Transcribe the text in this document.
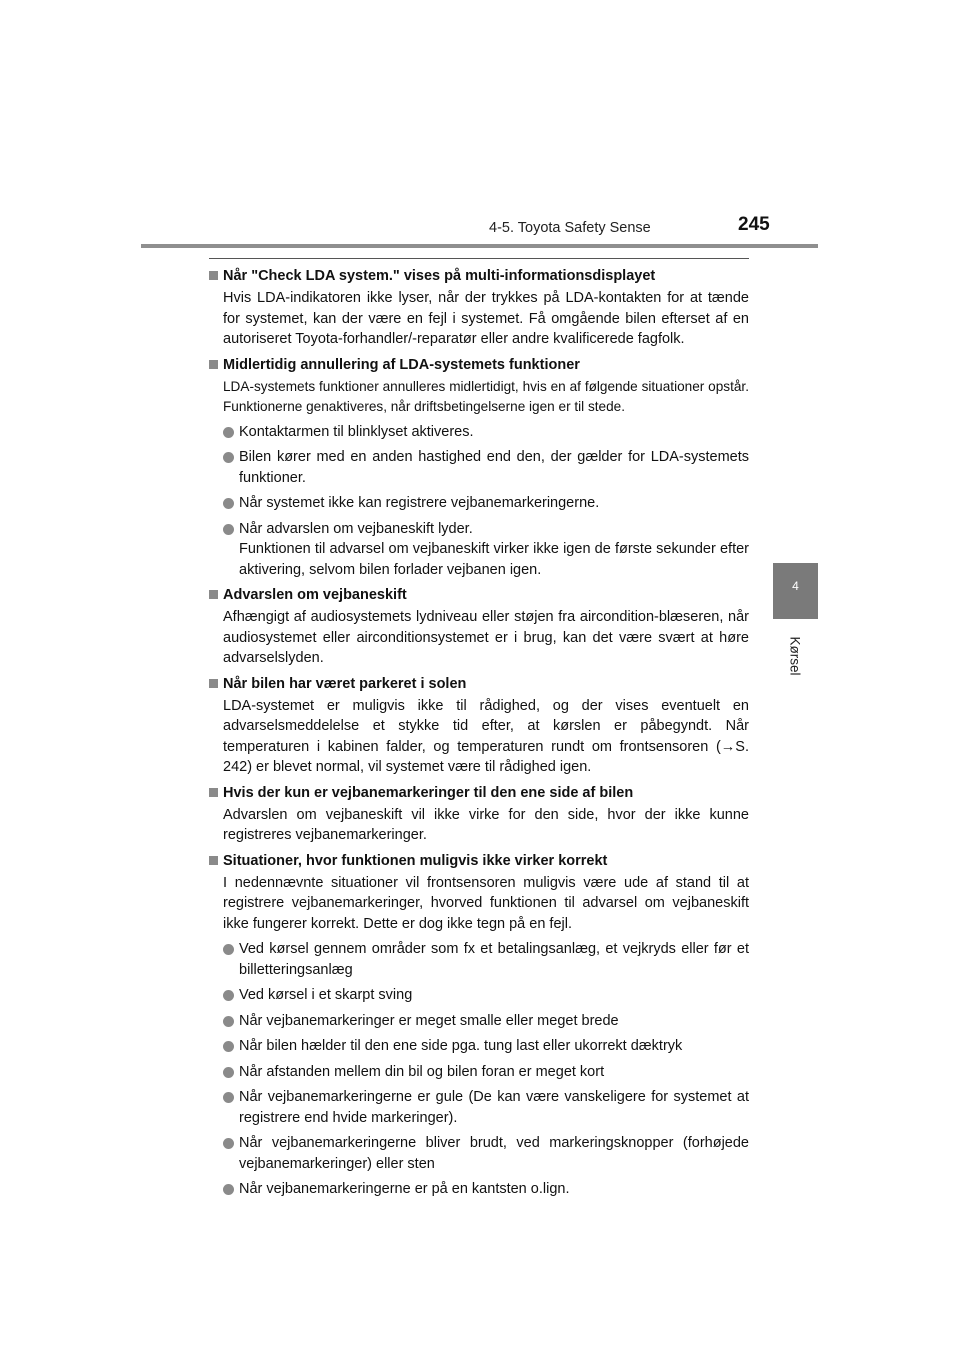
4-5. Toyota Safety Sense	245
4
Kørsel
Når "Check LDA system." vises på multi-informationsdisplayet
Hvis LDA-indikatoren ikke lyser, når der trykkes på LDA-kontakten for at tænde for systemet, kan der være en fejl i systemet. Få omgående bilen efterset af en autoriseret Toyota-forhandler/-reparatør eller andre kvalificerede fagfolk.
Midlertidig annullering af LDA-systemets funktioner
LDA-systemets funktioner annulleres midlertidigt, hvis en af følgende situationer opstår. Funktionerne genaktiveres, når driftsbetingelserne igen er til stede.
Kontaktarmen til blinklyset aktiveres.
Bilen kører med en anden hastighed end den, der gælder for LDA-systemets funktioner.
Når systemet ikke kan registrere vejbanemarkeringerne.
Når advarslen om vejbaneskift lyder.
Funktionen til advarsel om vejbaneskift virker ikke igen de første sekunder efter aktivering, selvom bilen forlader vejbanen igen.
Advarslen om vejbaneskift
Afhængigt af audiosystemets lydniveau eller støjen fra aircondition-blæseren, når audiosystemet eller airconditionsystemet er i brug, kan det være svært at høre advarselslyden.
Når bilen har været parkeret i solen
LDA-systemet er muligvis ikke til rådighed, og der vises eventuelt en advarselsmeddelelse et stykke tid efter, at kørslen er påbegyndt. Når temperaturen i kabinen falder, og temperaturen rundt om frontsensoren (→S. 242) er blevet normal, vil systemet være til rådighed igen.
Hvis der kun er vejbanemarkeringer til den ene side af bilen
Advarslen om vejbaneskift vil ikke virke for den side, hvor der ikke kunne registreres vejbanemarkeringer.
Situationer, hvor funktionen muligvis ikke virker korrekt
I nedennævnte situationer vil frontsensoren muligvis være ude af stand til at registrere vejbanemarkeringer, hvorved funktionen til advarsel om vejbaneskift ikke fungerer korrekt. Dette er dog ikke tegn på en fejl.
Ved kørsel gennem områder som fx et betalingsanlæg, et vejkryds eller før et billetteringsanlæg
Ved kørsel i et skarpt sving
Når vejbanemarkeringer er meget smalle eller meget brede
Når bilen hælder til den ene side pga. tung last eller ukorrekt dæktryk
Når afstanden mellem din bil og bilen foran er meget kort
Når vejbanemarkeringerne er gule (De kan være vanskeligere for systemet at registrere end hvide markeringer).
Når vejbanemarkeringerne bliver brudt, ved markeringsknopper (forhøjede vejbanemarkeringer) eller sten
Når vejbanemarkeringerne er på en kantsten o.lign.
